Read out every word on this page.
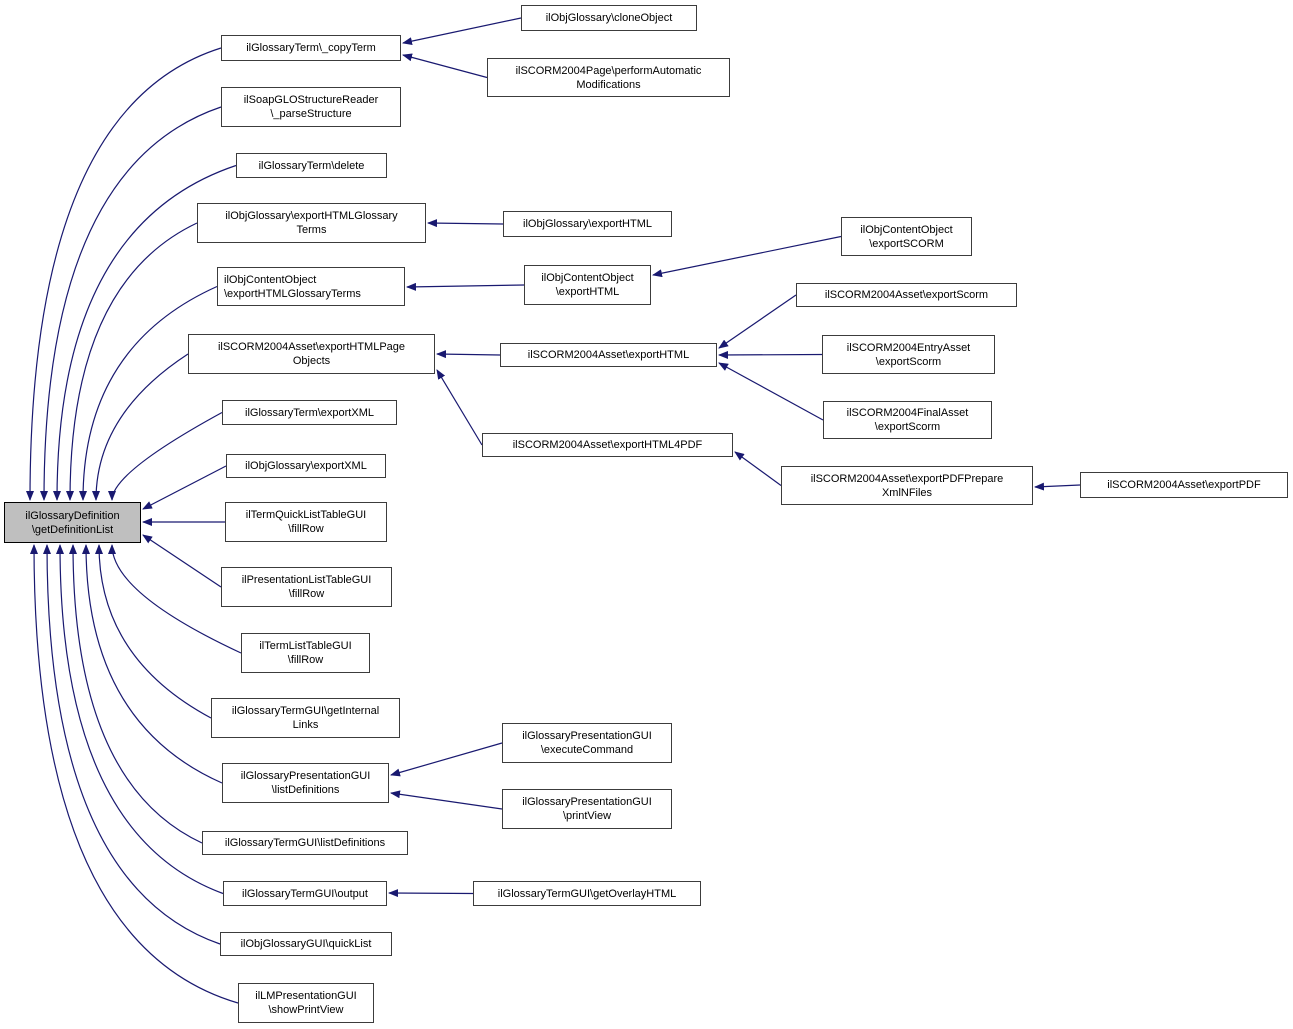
ilGlossaryDefinition
\getDefinitionList
ilGlossaryTerm\_copyTerm
ilSoapGLOStructureReader
\_parseStructure
ilGlossaryTerm\delete
ilObjGlossary\exportHTMLGlossary
Terms
ilObjContentObject
\exportHTMLGlossaryTerms
ilSCORM2004Asset\exportHTMLPage
Objects
ilGlossaryTerm\exportXML
ilObjGlossary\exportXML
ilTermQuickListTableGUI
\fillRow
ilPresentationListTableGUI
\fillRow
ilTermListTableGUI
\fillRow
ilGlossaryTermGUI\getInternal
Links
ilGlossaryPresentationGUI
\listDefinitions
ilGlossaryTermGUI\listDefinitions
ilGlossaryTermGUI\output
ilObjGlossaryGUI\quickList
ilLMPresentationGUI
\showPrintView
ilObjGlossary\cloneObject
ilSCORM2004Page\performAutomatic
Modifications
ilObjGlossary\exportHTML
ilObjContentObject
\exportHTML
ilSCORM2004Asset\exportHTML
ilSCORM2004Asset\exportHTML4PDF
ilGlossaryPresentationGUI
\executeCommand
ilGlossaryPresentationGUI
\printView
ilGlossaryTermGUI\getOverlayHTML
ilObjContentObject
\exportSCORM
ilSCORM2004Asset\exportScorm
ilSCORM2004EntryAsset
\exportScorm
ilSCORM2004FinalAsset
\exportScorm
ilSCORM2004Asset\exportPDFPrepare
XmlNFiles
ilSCORM2004Asset\exportPDF
